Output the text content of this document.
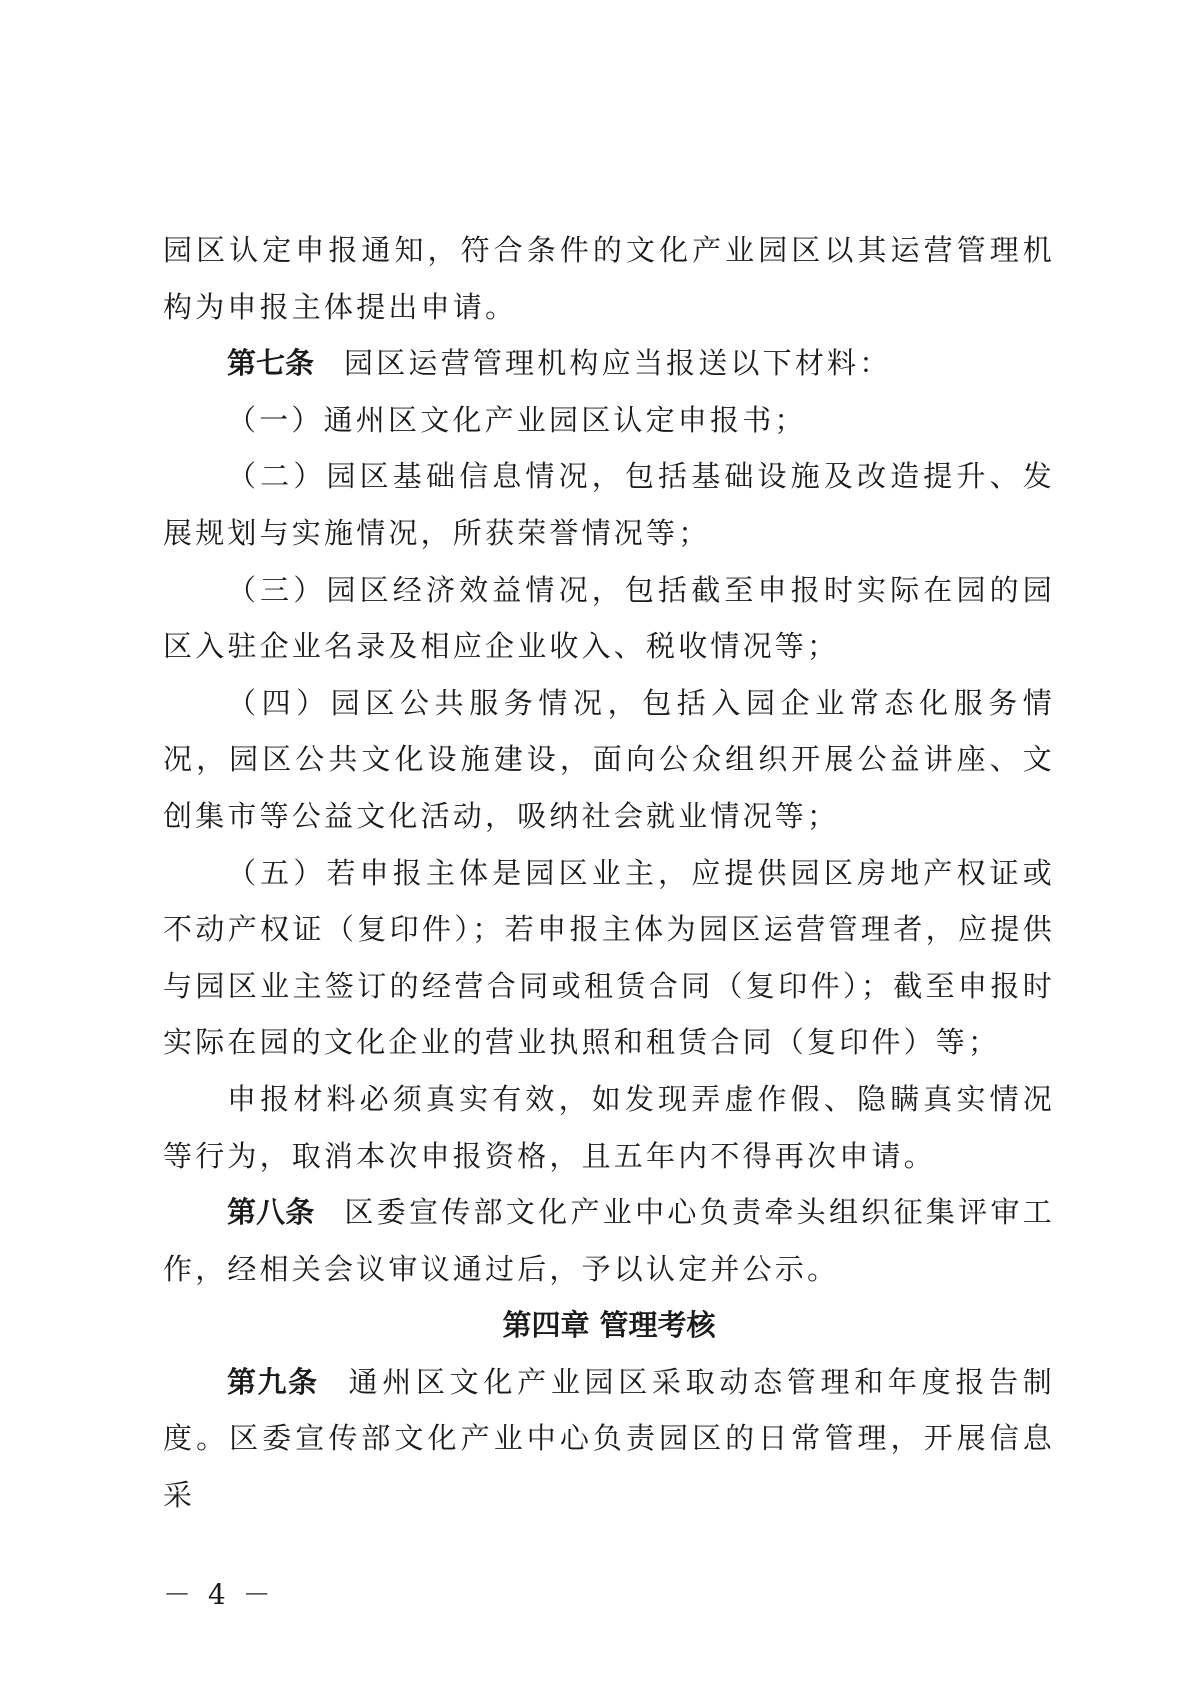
园区认定申报通知，符合条件的文化产业园区以其运营管理机构为申报主体提出申请。

第七条 园区运营管理机构应当报送以下材料：

（一）通州区文化产业园区认定申报书；

（二）园区基础信息情况，包括基础设施及改造提升、发展规划与实施情况，所获荣誉情况等；

（三）园区经济效益情况，包括截至申报时实际在园的园区入驻企业名录及相应企业收入、税收情况等；

（四）园区公共服务情况，包括入园企业常态化服务情况，园区公共文化设施建设，面向公众组织开展公益讲座、文创集市等公益文化活动，吸纳社会就业情况等；

（五）若申报主体是园区业主，应提供园区房地产权证或不动产权证（复印件）；若申报主体为园区运营管理者，应提供与园区业主签订的经营合同或租赁合同（复印件）；截至申报时实际在园的文化企业的营业执照和租赁合同（复印件）等；

申报材料必须真实有效，如发现弄虚作假、隐瞒真实情况等行为，取消本次申报资格，且五年内不得再次申请。

第八条 区委宣传部文化产业中心负责牵头组织征集评审工作，经相关会议审议通过后，予以认定并公示。

第四章 管理考核

第九条 通州区文化产业园区采取动态管理和年度报告制度。区委宣传部文化产业中心负责园区的日常管理，开展信息采

－ 4 －
